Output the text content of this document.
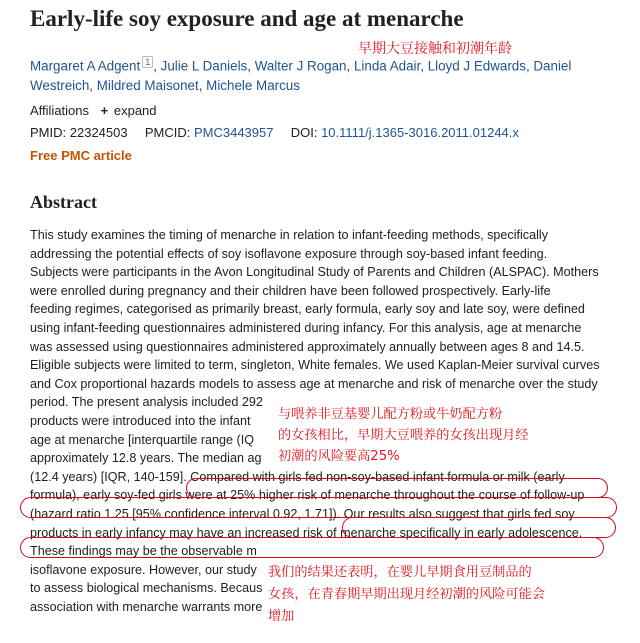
Early-life soy exposure and age at menarche
早期大豆接触和初潮年龄
Margaret A Adgent $^1$ , Julie L Daniels, Walter J Rogan, Linda Adair, Lloyd J Edwards, Daniel Westreich, Mildred Maisonet, Michele Marcus
Affiliations + expand
PMID: 22324503 PMCID: PMC3443957 DOI: 10.1111/j.1365-3016.2011.01244.x
Free PMC article
Abstract
This study examines the timing of menarche in relation to infant-feeding methods, specifically
addressing the potential effects of soy isoflavone exposure through soy-based infant feeding.
Subjects were participants in the Avon Longitudinal Study of Parents and Children (ALSPAC). Mothers
were enrolled during pregnancy and their children have been followed prospectively. Early-life
feeding regimes, categorised as primarily breast, early formula, early soy and late soy, were defined
using infant-feeding questionnaires administered during infancy. For this analysis, age at menarche
was assessed using questionnaires administered approximately annually between ages 8 and 14.5.
Eligible subjects were limited to term, singleton, White females. We used Kaplan-Meier survival curves
and Cox proportional hazards models to assess age at menarche and risk of menarche over the study
period. The present analysis included 292
products were introduced into the infant
age at menarche [interquartile range (IQ
approximately 12.8 years. The median ag
(12.4 years) [IQR, 140-159]. Compared with girls fed non-soy-based infant formula or milk (early
formula), early soy-fed girls were at 25% higher risk of menarche throughout the course of follow-up
(hazard ratio 1.25 [95% confidence interval 0.92, 1.71]). Our results also suggest that girls fed soy
products in early infancy may have an increased risk of menarche specifically in early adolescence.
These findings may be the observable m
isoflavone exposure. However, our study
to assess biological mechanisms. Becaus
association with menarche warrants more
与喂养非豆基婴儿配方粉或牛奶配方粉
的女孩相比，早期大豆喂养的女孩出现月经
初潮的风险要高25%
我们的结果还表明，在婴儿早期食用豆制品的
女孩，在青春期早期出现月经初潮的风险可能会
增加
